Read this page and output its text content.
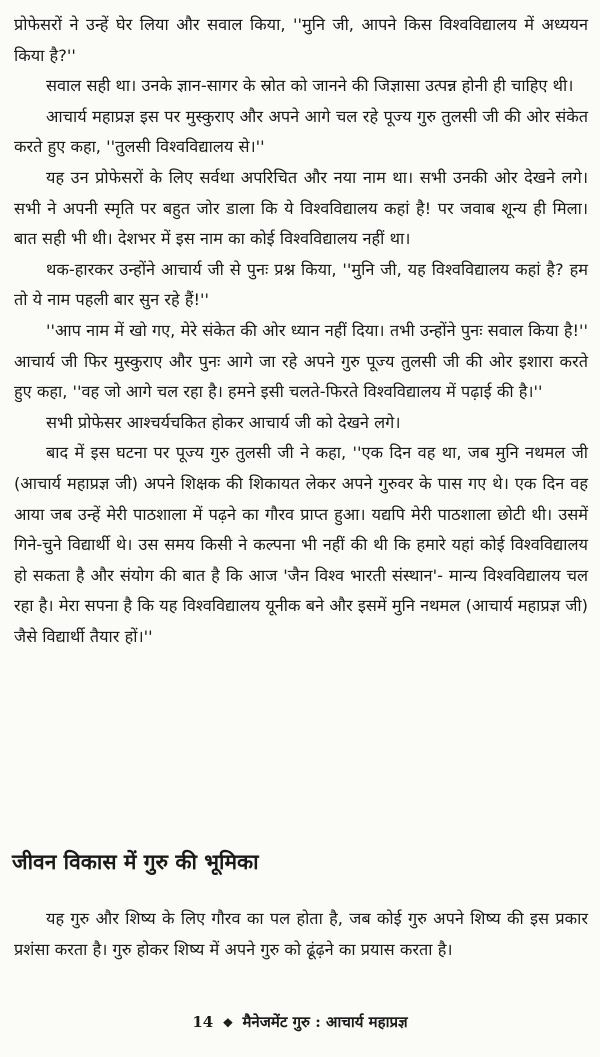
प्रोफेसरों ने उन्हें घेर लिया और सवाल किया, ''मुनि जी, आपने किस विश्वविद्यालय में अध्ययन किया है?''

सवाल सही था। उनके ज्ञान-सागर के स्रोत को जानने की जिज्ञासा उत्पन्न होनी ही चाहिए थी।

आचार्य महाप्रज्ञ इस पर मुस्कुराए और अपने आगे चल रहे पूज्य गुरु तुलसी जी की ओर संकेत करते हुए कहा, ''तुलसी विश्वविद्यालय से।''

यह उन प्रोफेसरों के लिए सर्वथा अपरिचित और नया नाम था। सभी उनकी ओर देखने लगे। सभी ने अपनी स्मृति पर बहुत जोर डाला कि ये विश्वविद्यालय कहां है! पर जवाब शून्य ही मिला। बात सही भी थी। देशभर में इस नाम का कोई विश्वविद्यालय नहीं था।

थक-हारकर उन्होंने आचार्य जी से पुनः प्रश्न किया, ''मुनि जी, यह विश्वविद्यालय कहां है? हम तो ये नाम पहली बार सुन रहे हैं!''

''आप नाम में खो गए, मेरे संकेत की ओर ध्यान नहीं दिया। तभी उन्होंने पुनः सवाल किया है!'' आचार्य जी फिर मुस्कुराए और पुनः आगे जा रहे अपने गुरु पूज्य तुलसी जी की ओर इशारा करते हुए कहा, ''वह जो आगे चल रहा है। हमने इसी चलते-फिरते विश्वविद्यालय में पढ़ाई की है।''

सभी प्रोफेसर आश्चर्यचकित होकर आचार्य जी को देखने लगे।

बाद में इस घटना पर पूज्य गुरु तुलसी जी ने कहा, ''एक दिन वह था, जब मुनि नथमल जी (आचार्य महाप्रज्ञ जी) अपने शिक्षक की शिकायत लेकर अपने गुरुवर के पास गए थे। एक दिन वह आया जब उन्हें मेरी पाठशाला में पढ़ने का गौरव प्राप्त हुआ। यद्यपि मेरी पाठशाला छोटी थी। उसमें गिने-चुने विद्यार्थी थे। उस समय किसी ने कल्पना भी नहीं की थी कि हमारे यहां कोई विश्वविद्यालय हो सकता है और संयोग की बात है कि आज 'जैन विश्व भारती संस्थान'- मान्य विश्वविद्यालय चल रहा है। मेरा सपना है कि यह विश्वविद्यालय यूनीक बने और इसमें मुनि नथमल (आचार्य महाप्रज्ञ जी) जैसे विद्यार्थी तैयार हों।''

जीवन विकास में गुरु की भूमिका

यह गुरु और शिष्य के लिए गौरव का पल होता है, जब कोई गुरु अपने शिष्य की इस प्रकार प्रशंसा करता है। गुरु होकर शिष्य में अपने गुरु को ढूंढ़ने का प्रयास करता है।

14 ❖ मैनेजमेंट गुरु : आचार्य महाप्रज्ञ
